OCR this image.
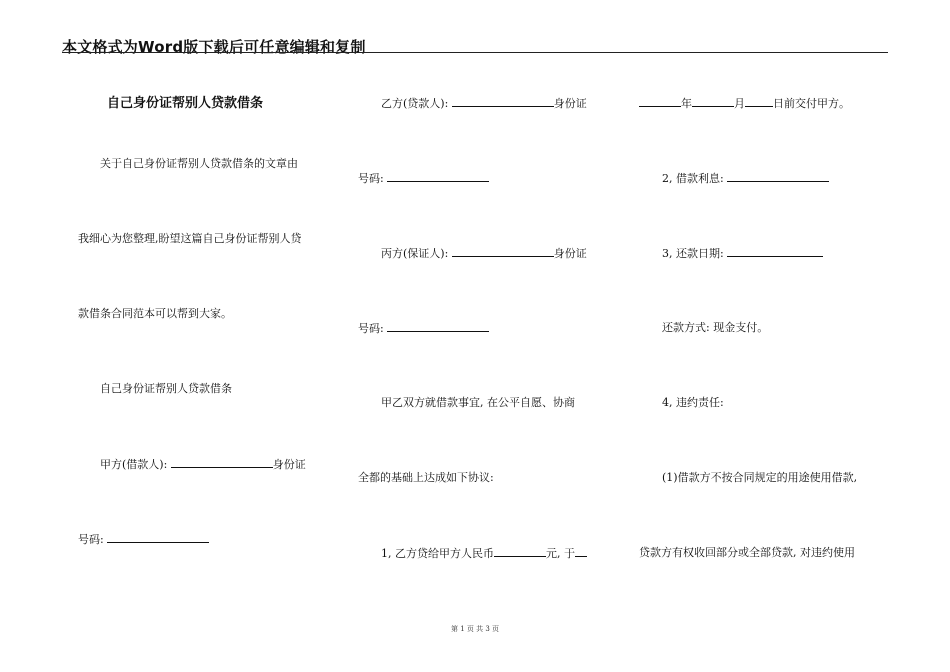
本文格式为Word版下载后可任意编辑和复制
自己身份证帮别人贷款借条
关于自己身份证帮别人贷款借条的文章由
我细心为您整理,盼望这篇自己身份证帮别人贷
款借条合同范本可以帮到大家。
自己身份证帮别人贷款借条
甲方(借款人):	身份证
号码:
乙方(贷款人):	身份证
号码:
丙方(保证人):	身份证
号码:
甲乙双方就借款事宜, 在公平自愿、协商
全都的基础上达成如下协议:
1, 乙方贷给甲方人民币	元, 于
年	月	日前交付甲方。
2, 借款利息:
3, 还款日期:
还款方式: 现金支付。
4, 违约责任:
(1)借款方不按合同规定的用途使用借款,
贷款方有权收回部分或全部贷款, 对违约使用
第 1 页 共 3 页
